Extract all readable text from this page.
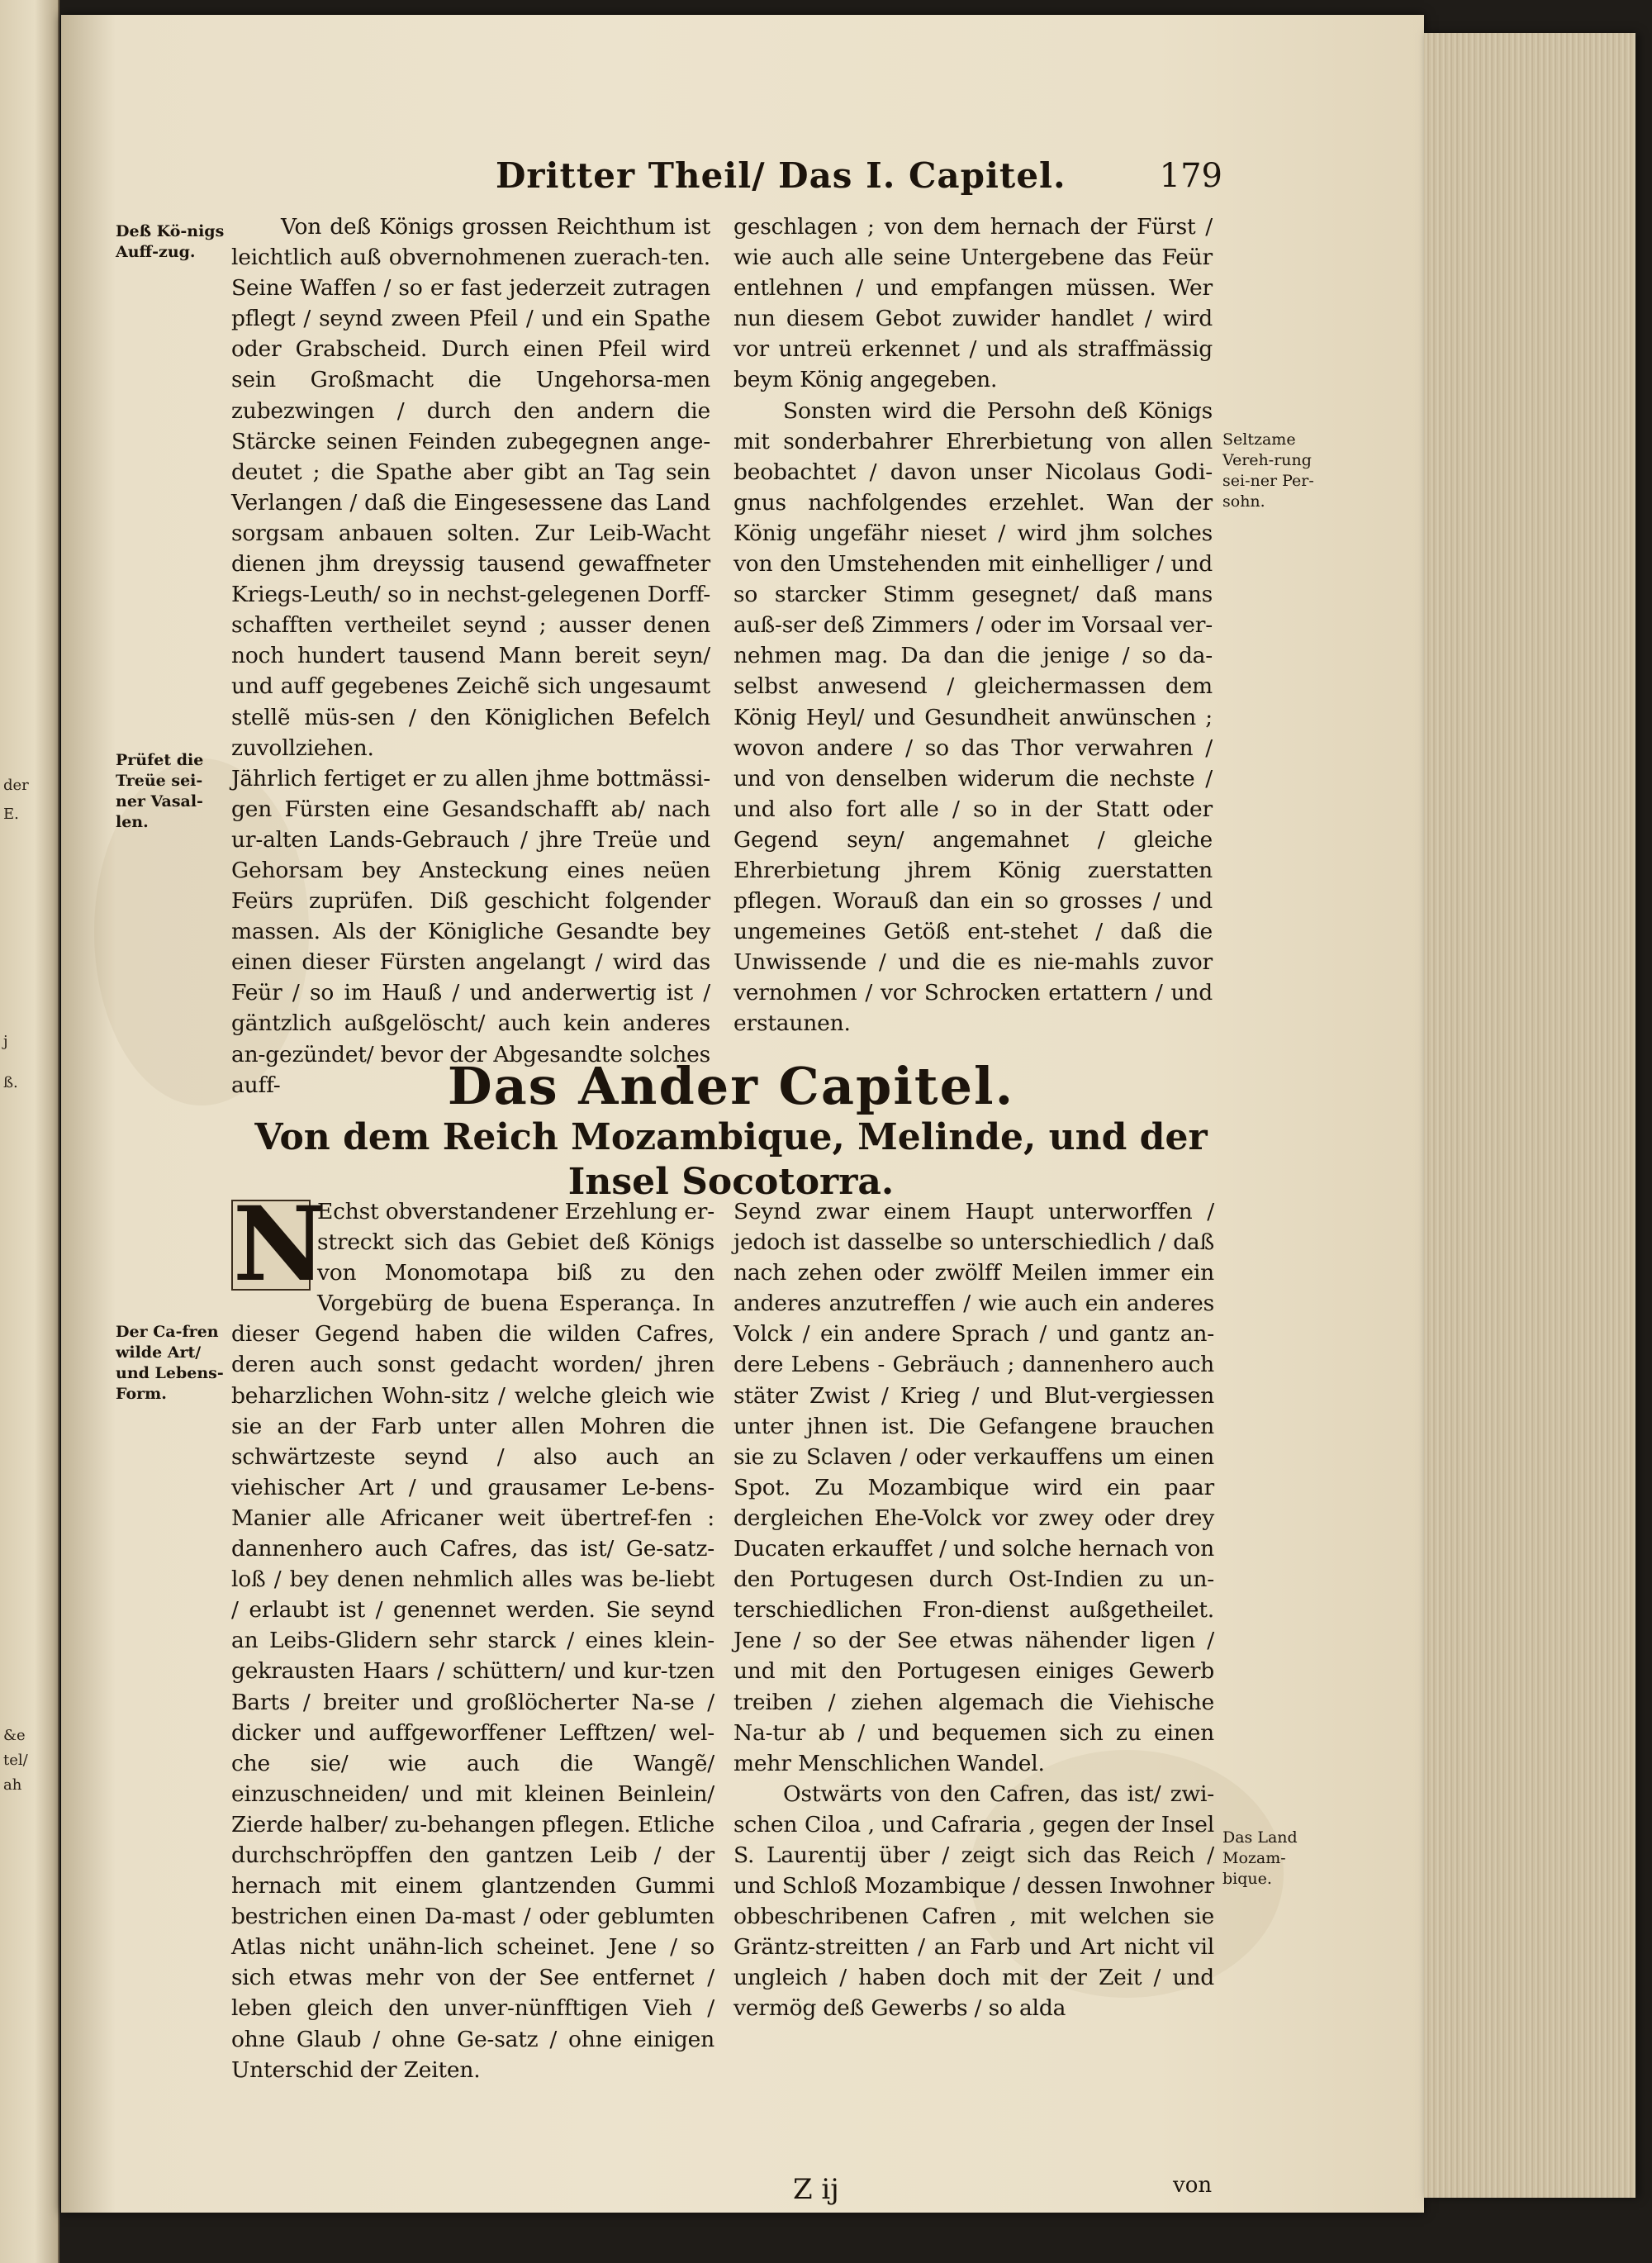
der
E.
j
ß.
&e
tel/
ah
Dritter Theil/ Das I. Capitel.	179
Deß Kö-nigs Auff-zug.
Prüfet die Treüe sei-ner Vasal-len.
Seltzame Vereh-rung sei-ner Per-sohn.
Der Ca-fren wilde Art/ und Lebens-Form.
Das Land Mozam-bique.

Von deß Königs grossen Reichthum ist leichtlich auß obvernohmenen zuerach-ten. Seine Waffen / so er fast jederzeit zutragen pflegt / seynd zween Pfeil / und ein Spathe oder Grabscheid. Durch einen Pfeil wird sein Großmacht die Ungehorsa-men zubezwingen / durch den andern die Stärcke seinen Feinden zubegegnen ange-deutet ; die Spathe aber gibt an Tag sein Verlangen / daß die Eingesessene das Land sorgsam anbauen solten. Zur Leib-Wacht dienen jhm dreyssig tausend gewaffneter Kriegs-Leuth/ so in nechst-gelegenen Dorff-schafften vertheilet seynd ; ausser denen noch hundert tausend Mann bereit seyn/ und auff gegebenes Zeichẽ sich ungesaumt stellẽ müs-sen / den Königlichen Befelch zuvollziehen.

Jährlich fertiget er zu allen jhme bottmässi-gen Fürsten eine Gesandschafft ab/ nach ur-alten Lands-Gebrauch / jhre Treüe und Gehorsam bey Ansteckung eines neüen Feürs zuprüfen. Diß geschicht folgender massen. Als der Königliche Gesandte bey einen dieser Fürsten angelangt / wird das Feür / so im Hauß / und anderwertig ist / gäntzlich außgelöscht/ auch kein anderes an-gezündet/ bevor der Abgesandte solches auff-

geschlagen ; von dem hernach der Fürst / wie auch alle seine Untergebene das Feür entlehnen / und empfangen müssen. Wer nun diesem Gebot zuwider handlet / wird vor untreü erkennet / und als straffmässig beym König angegeben.

Sonsten wird die Persohn deß Königs mit sonderbahrer Ehrerbietung von allen beobachtet / davon unser Nicolaus Godi-gnus nachfolgendes erzehlet. Wan der König ungefähr nieset / wird jhm solches von den Umstehenden mit einhelliger / und so starcker Stimm gesegnet/ daß mans auß-ser deß Zimmers / oder im Vorsaal ver-nehmen mag. Da dan die jenige / so da-selbst anwesend / gleichermassen dem König Heyl/ und Gesundheit anwünschen ; wovon andere / so das Thor verwahren / und von denselben widerum die nechste / und also fort alle / so in der Statt oder Gegend seyn/ angemahnet / gleiche Ehrerbietung jhrem König zuerstatten pflegen. Worauß dan ein so grosses / und ungemeines Getöß ent-stehet / daß die Unwissende / und die es nie-mahls zuvor vernohmen / vor Schrocken ertattern / und erstaunen.

Das Ander Capitel.
Von dem Reich Mozambique, Melinde, und der Insel Socotorra.
N

Echst obverstandener Erzehlung er-streckt sich das Gebiet deß Königs von Monomotapa biß zu den Vorgebürg de buena Esperança. In dieser Gegend haben die wilden Cafres, deren auch sonst gedacht worden/ jhren beharzlichen Wohn-sitz / welche gleich wie sie an der Farb unter allen Mohren die schwärtzeste seynd / also auch an viehischer Art / und grausamer Le-bens-Manier alle Africaner weit übertref-fen : dannenhero auch Cafres, das ist/ Ge-satz-loß / bey denen nehmlich alles was be-liebt / erlaubt ist / genennet werden. Sie seynd an Leibs-Glidern sehr starck / eines klein-gekrausten Haars / schüttern/ und kur-tzen Barts / breiter und großlöcherter Na-se / dicker und auffgeworffener Lefftzen/ wel-che sie/ wie auch die Wangẽ/ einzuschneiden/ und mit kleinen Beinlein/ Zierde halber/ zu-behangen pflegen. Etliche durchschröpffen den gantzen Leib / der hernach mit einem glantzenden Gummi bestrichen einen Da-mast / oder geblumten Atlas nicht unähn-lich scheinet. Jene / so sich etwas mehr von der See entfernet / leben gleich den unver-nünfftigen Vieh / ohne Glaub / ohne Ge-satz / ohne einigen Unterschid der Zeiten.

Seynd zwar einem Haupt unterworffen / jedoch ist dasselbe so unterschiedlich / daß nach zehen oder zwölff Meilen immer ein anderes anzutreffen / wie auch ein anderes Volck / ein andere Sprach / und gantz an-dere Lebens - Gebräuch ; dannenhero auch stäter Zwist / Krieg / und Blut-vergiessen unter jhnen ist. Die Gefangene brauchen sie zu Sclaven / oder verkauffens um einen Spot. Zu Mozambique wird ein paar dergleichen Ehe-Volck vor zwey oder drey Ducaten erkauffet / und solche hernach von den Portugesen durch Ost-Indien zu un-terschiedlichen Fron-dienst außgetheilet. Jene / so der See etwas nähender ligen / und mit den Portugesen einiges Gewerb treiben / ziehen algemach die Viehische Na-tur ab / und bequemen sich zu einen mehr Menschlichen Wandel.

Ostwärts von den Cafren, das ist/ zwi-schen Ciloa , und Cafraria , gegen der Insel S. Laurentij über / zeigt sich das Reich / und Schloß Mozambique / dessen Inwohner obbeschribenen Cafren , mit welchen sie Gräntz-streitten / an Farb und Art nicht vil ungleich / haben doch mit der Zeit / und vermög deß Gewerbs / so alda

Z ij	von
